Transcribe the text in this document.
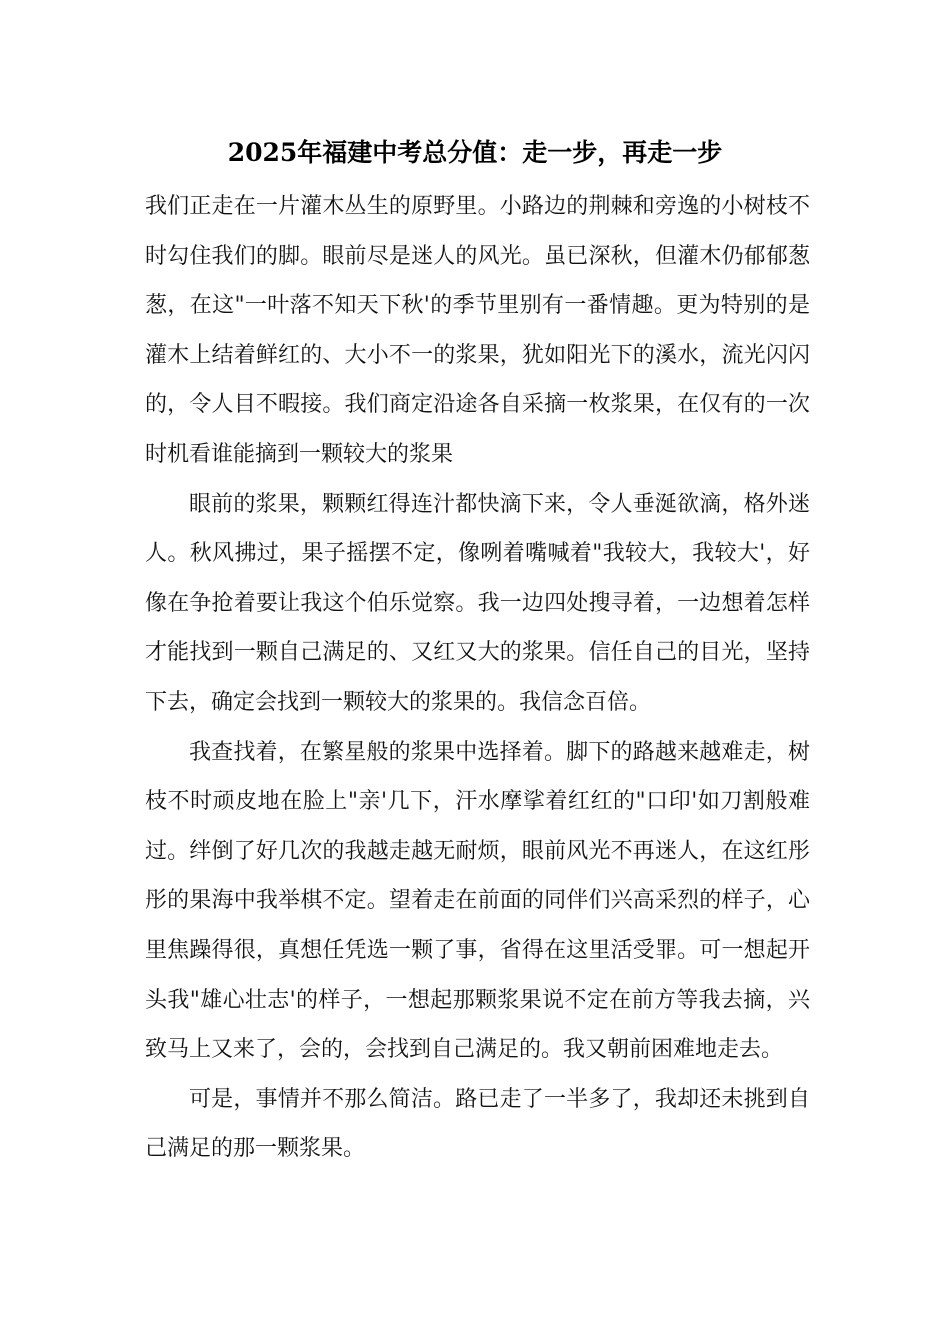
2025年福建中考总分值：走一步，再走一步

我们正走在一片灌木丛生的原野里。小路边的荆棘和旁逸的小树枝不时勾住我们的脚。眼前尽是迷人的风光。虽已深秋，但灌木仍郁郁葱葱，在这"一叶落不知天下秋'的季节里别有一番情趣。更为特别的是灌木上结着鲜红的、大小不一的浆果，犹如阳光下的溪水，流光闪闪的，令人目不暇接。我们商定沿途各自采摘一枚浆果，在仅有的一次时机看谁能摘到一颗较大的浆果

眼前的浆果，颗颗红得连汁都快滴下来，令人垂涎欲滴，格外迷人。秋风拂过，果子摇摆不定，像咧着嘴喊着"我较大，我较大'，好像在争抢着要让我这个伯乐觉察。我一边四处搜寻着，一边想着怎样才能找到一颗自己满足的、又红又大的浆果。信任自己的目光，坚持下去，确定会找到一颗较大的浆果的。我信念百倍。

我查找着，在繁星般的浆果中选择着。脚下的路越来越难走，树枝不时顽皮地在脸上"亲'几下，汗水摩挲着红红的"口印'如刀割般难过。绊倒了好几次的我越走越无耐烦，眼前风光不再迷人，在这红彤彤的果海中我举棋不定。望着走在前面的同伴们兴高采烈的样子，心里焦躁得很，真想任凭选一颗了事，省得在这里活受罪。可一想起开头我"雄心壮志'的样子，一想起那颗浆果说不定在前方等我去摘，兴致马上又来了，会的，会找到自己满足的。我又朝前困难地走去。

可是，事情并不那么简洁。路已走了一半多了，我却还未挑到自己满足的那一颗浆果。
